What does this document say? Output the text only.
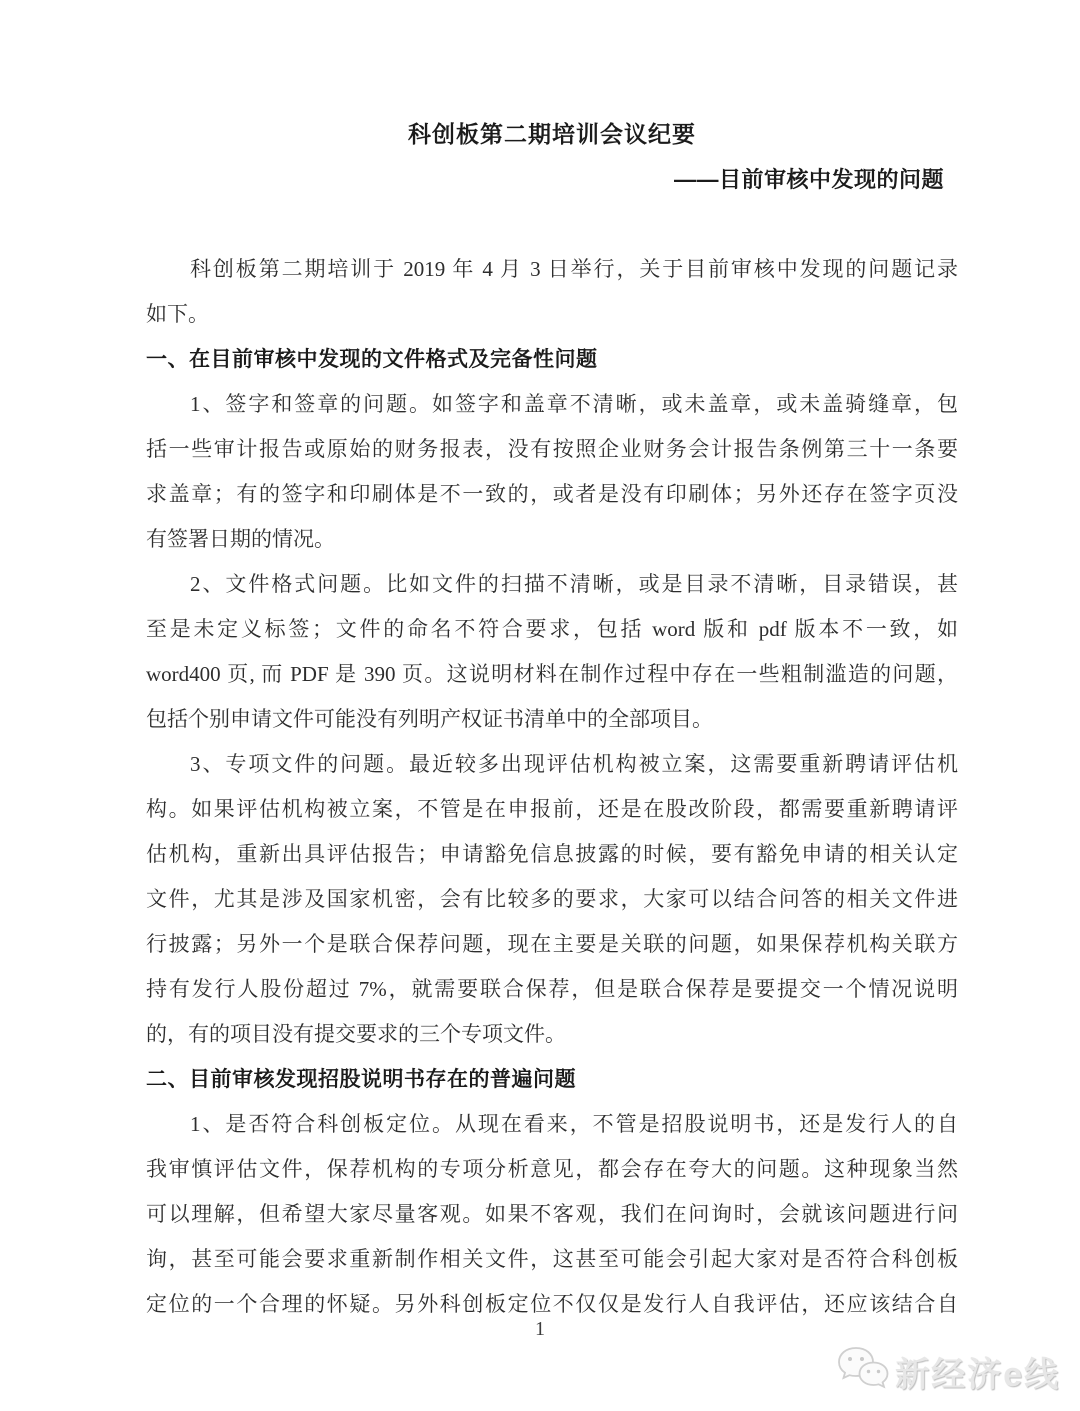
科创板第二期培训会议纪要
——目前审核中发现的问题
科创板第二期培训于 2019 年 4 月 3 日举行，关于目前审核中发现的问题记录
如下。
一、在目前审核中发现的文件格式及完备性问题
1、签字和签章的问题。如签字和盖章不清晰，或未盖章，或未盖骑缝章，包
括一些审计报告或原始的财务报表，没有按照企业财务会计报告条例第三十一条要
求盖章；有的签字和印刷体是不一致的，或者是没有印刷体；另外还存在签字页没
有签署日期的情况。
2、文件格式问题。比如文件的扫描不清晰，或是目录不清晰，目录错误，甚
至是未定义标签；文件的命名不符合要求，包括 word 版和 pdf 版本不一致，如
word400 页, 而 PDF 是 390 页。这说明材料在制作过程中存在一些粗制滥造的问题，
包括个别申请文件可能没有列明产权证书清单中的全部项目。
3、专项文件的问题。最近较多出现评估机构被立案，这需要重新聘请评估机
构。如果评估机构被立案，不管是在申报前，还是在股改阶段，都需要重新聘请评
估机构，重新出具评估报告；申请豁免信息披露的时候，要有豁免申请的相关认定
文件，尤其是涉及国家机密，会有比较多的要求，大家可以结合问答的相关文件进
行披露；另外一个是联合保荐问题，现在主要是关联的问题，如果保荐机构关联方
持有发行人股份超过 7%，就需要联合保荐，但是联合保荐是要提交一个情况说明
的，有的项目没有提交要求的三个专项文件。
二、目前审核发现招股说明书存在的普遍问题
1、是否符合科创板定位。从现在看来，不管是招股说明书，还是发行人的自
我审慎评估文件，保荐机构的专项分析意见，都会存在夸大的问题。这种现象当然
可以理解，但希望大家尽量客观。如果不客观，我们在问询时，会就该问题进行问
询，甚至可能会要求重新制作相关文件，这甚至可能会引起大家对是否符合科创板
定位的一个合理的怀疑。另外科创板定位不仅仅是发行人自我评估，还应该结合自
1
新经济e线
